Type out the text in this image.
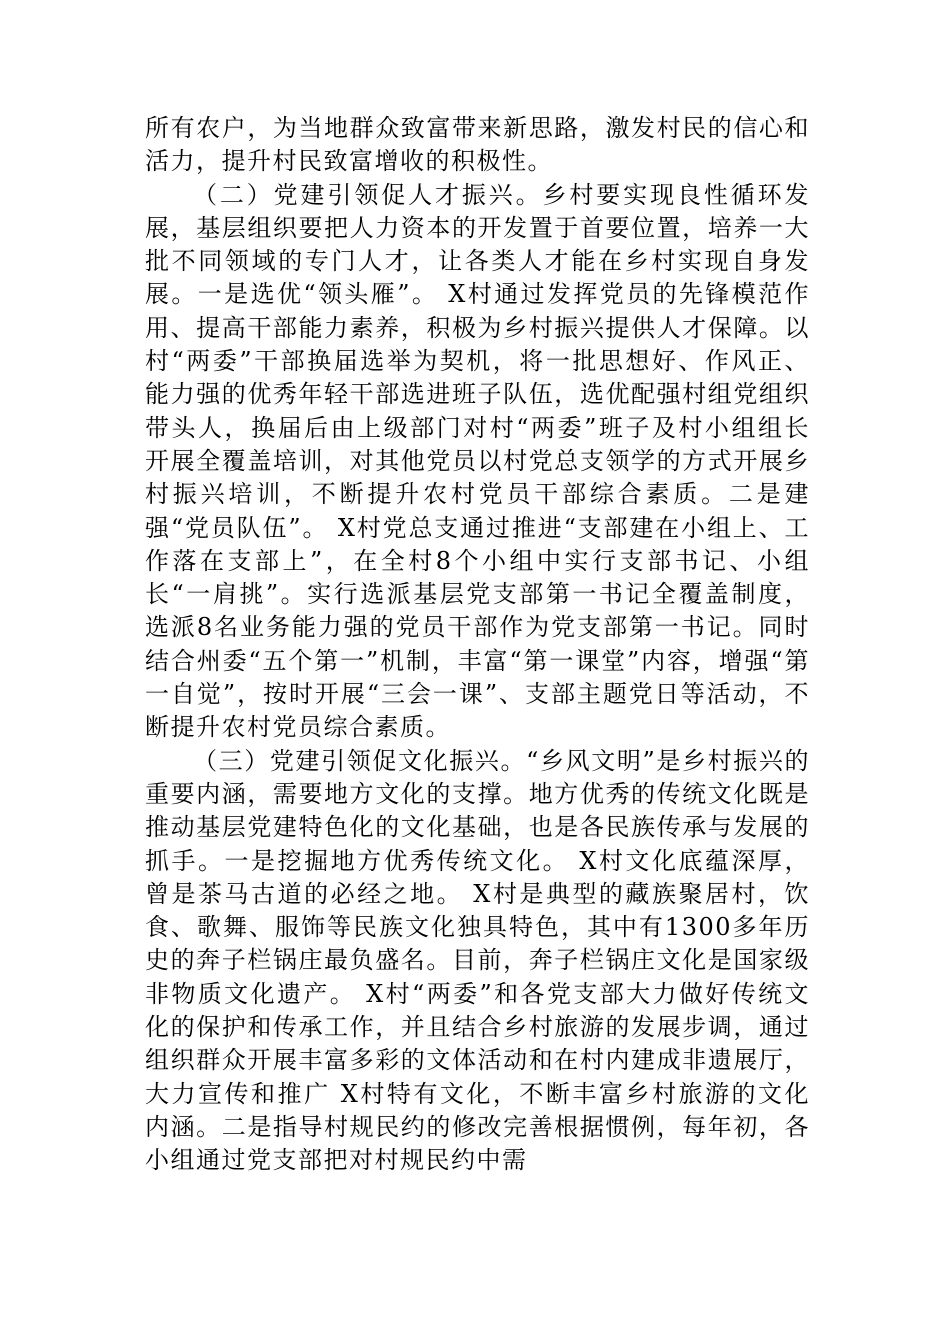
所有农户，为当地群众致富带来新思路，激发村民的信心和活力，提升村民致富增收的积极性。

（二）党建引领促人才振兴。乡村要实现良性循环发展，基层组织要把人力资本的开发置于首要位置，培养一大批不同领域的专门人才，让各类人才能在乡村实现自身发展。一是选优“领头雁”。 X村通过发挥党员的先锋模范作用、提高干部能力素养，积极为乡村振兴提供人才保障。以村“两委”干部换届选举为契机，将一批思想好、作风正、能力强的优秀年轻干部选进班子队伍，选优配强村组党组织带头人，换届后由上级部门对村“两委”班子及村小组组长开展全覆盖培训，对其他党员以村党总支领学的方式开展乡村振兴培训，不断提升农村党员干部综合素质。二是建强“党员队伍”。 X村党总支通过推进“支部建在小组上、工作落在支部上”，在全村8个小组中实行支部书记、小组长“一肩挑”。实行选派基层党支部第一书记全覆盖制度，选派8名业务能力强的党员干部作为党支部第一书记。同时结合州委“五个第一”机制，丰富“第一课堂”内容，增强“第一自觉”，按时开展“三会一课”、支部主题党日等活动，不断提升农村党员综合素质。

（三）党建引领促文化振兴。“乡风文明”是乡村振兴的重要内涵，需要地方文化的支撑。地方优秀的传统文化既是推动基层党建特色化的文化基础，也是各民族传承与发展的抓手。一是挖掘地方优秀传统文化。 X村文化底蕴深厚，曾是茶马古道的必经之地。 X村是典型的藏族聚居村，饮食、歌舞、服饰等民族文化独具特色，其中有1300多年历史的奔子栏锅庄最负盛名。目前，奔子栏锅庄文化是国家级非物质文化遗产。 X村“两委”和各党支部大力做好传统文化的保护和传承工作，并且结合乡村旅游的发展步调，通过组织群众开展丰富多彩的文体活动和在村内建成非遗展厅，大力宣传和推广 X村特有文化，不断丰富乡村旅游的文化内涵。二是指导村规民约的修改完善根据惯例，每年初，各小组通过党支部把对村规民约中需
